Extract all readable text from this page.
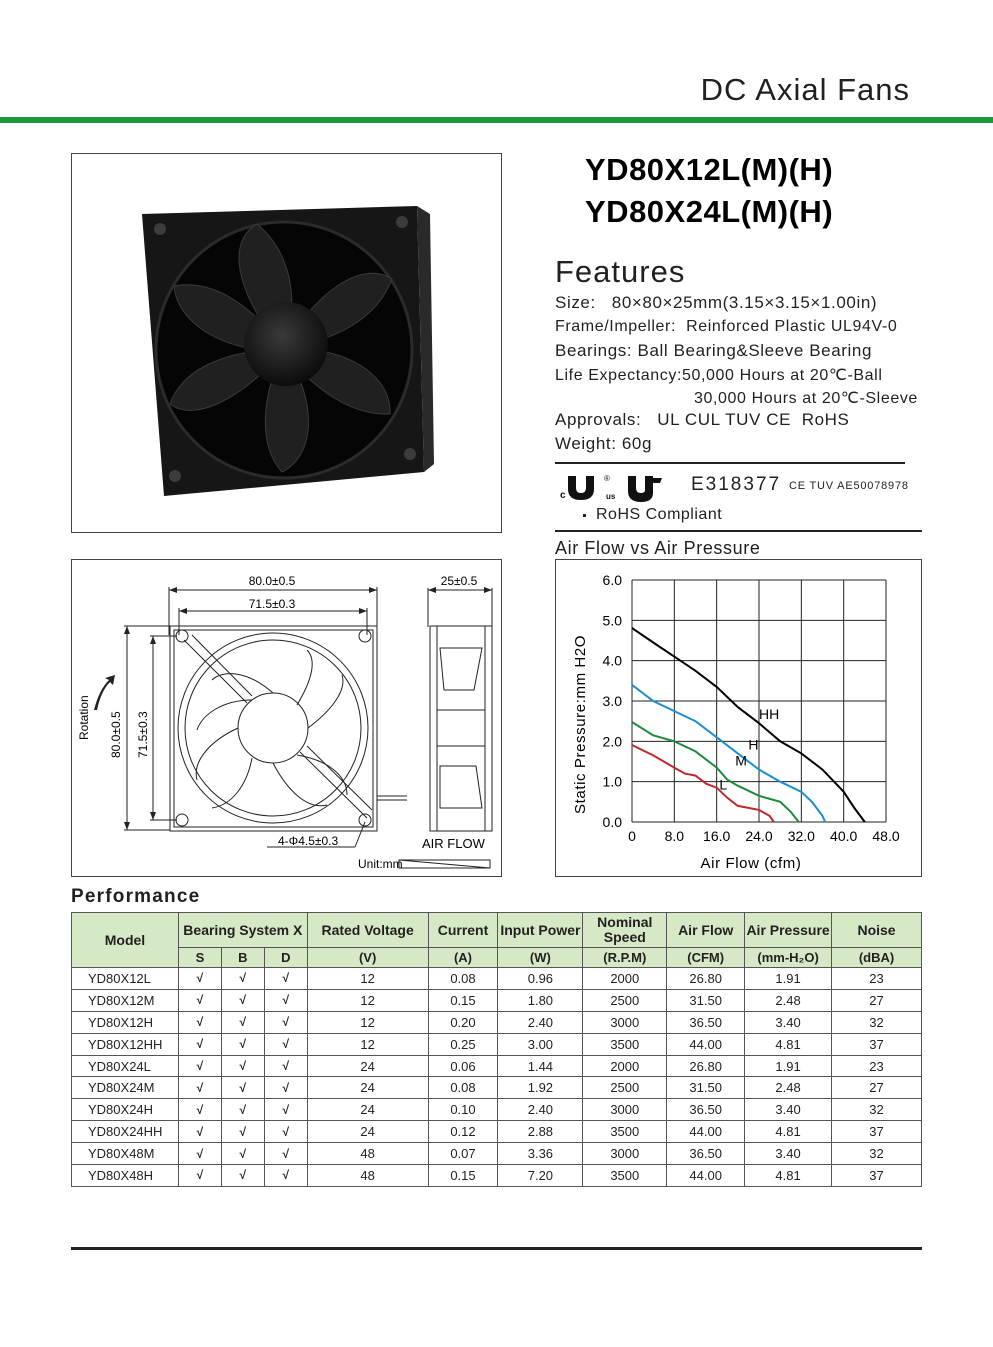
DC Axial Fans
80.0±0.5
71.5±0.3
25±0.5
Rotation 80.0±0.5 71.5±0.3
4-Φ4.5±0.3	AIR FLOW
Unit:mm
YD80X12L(M)(H)
YD80X24L(M)(H)
Features
Size:   80×80×25mm(3.15×3.15×1.00in)
Frame/Impeller:  Reinforced Plastic UL94V-0
Bearings: Ball Bearing&Sleeve Bearing
Life Expectancy:50,000 Hours at 20℃-Ball
30,000 Hours at 20℃-Sleeve
Approvals:   UL CUL TUV CE  RoHS
Weight: 60g
c
®
us
E318377 CE TUV AE50078978
RoHS Compliant
Air Flow vs Air Pressure
HH
H
M
L
0 8.0 16.0 24.0 32.0 40.0 48.0
0.0
1.0
2.0
3.0
4.0
5.0
6.0
Air Flow (cfm)
Static Pressure:mm H2O
Performance
Model	Bearing System X			Rated Voltage	Current	Input Power	Nominal Speed	Air Flow	Air Pressure	Noise
	S	B	D	(V)	(A)	(W)	(R.P.M)	(CFM)	(mm-H₂O)	(dBA)
YD80X12L	√	√	√	12	0.08	0.96	2000	26.80	1.91	23
YD80X12M	√	√	√	12	0.15	1.80	2500	31.50	2.48	27
YD80X12H	√	√	√	12	0.20	2.40	3000	36.50	3.40	32
YD80X12HH	√	√	√	12	0.25	3.00	3500	44.00	4.81	37
YD80X24L	√	√	√	24	0.06	1.44	2000	26.80	1.91	23
YD80X24M	√	√	√	24	0.08	1.92	2500	31.50	2.48	27
YD80X24H	√	√	√	24	0.10	2.40	3000	36.50	3.40	32
YD80X24HH	√	√	√	24	0.12	2.88	3500	44.00	4.81	37
YD80X48M	√	√	√	48	0.07	3.36	3000	36.50	3.40	32
YD80X48H	√	√	√	48	0.15	7.20	3500	44.00	4.81	37
